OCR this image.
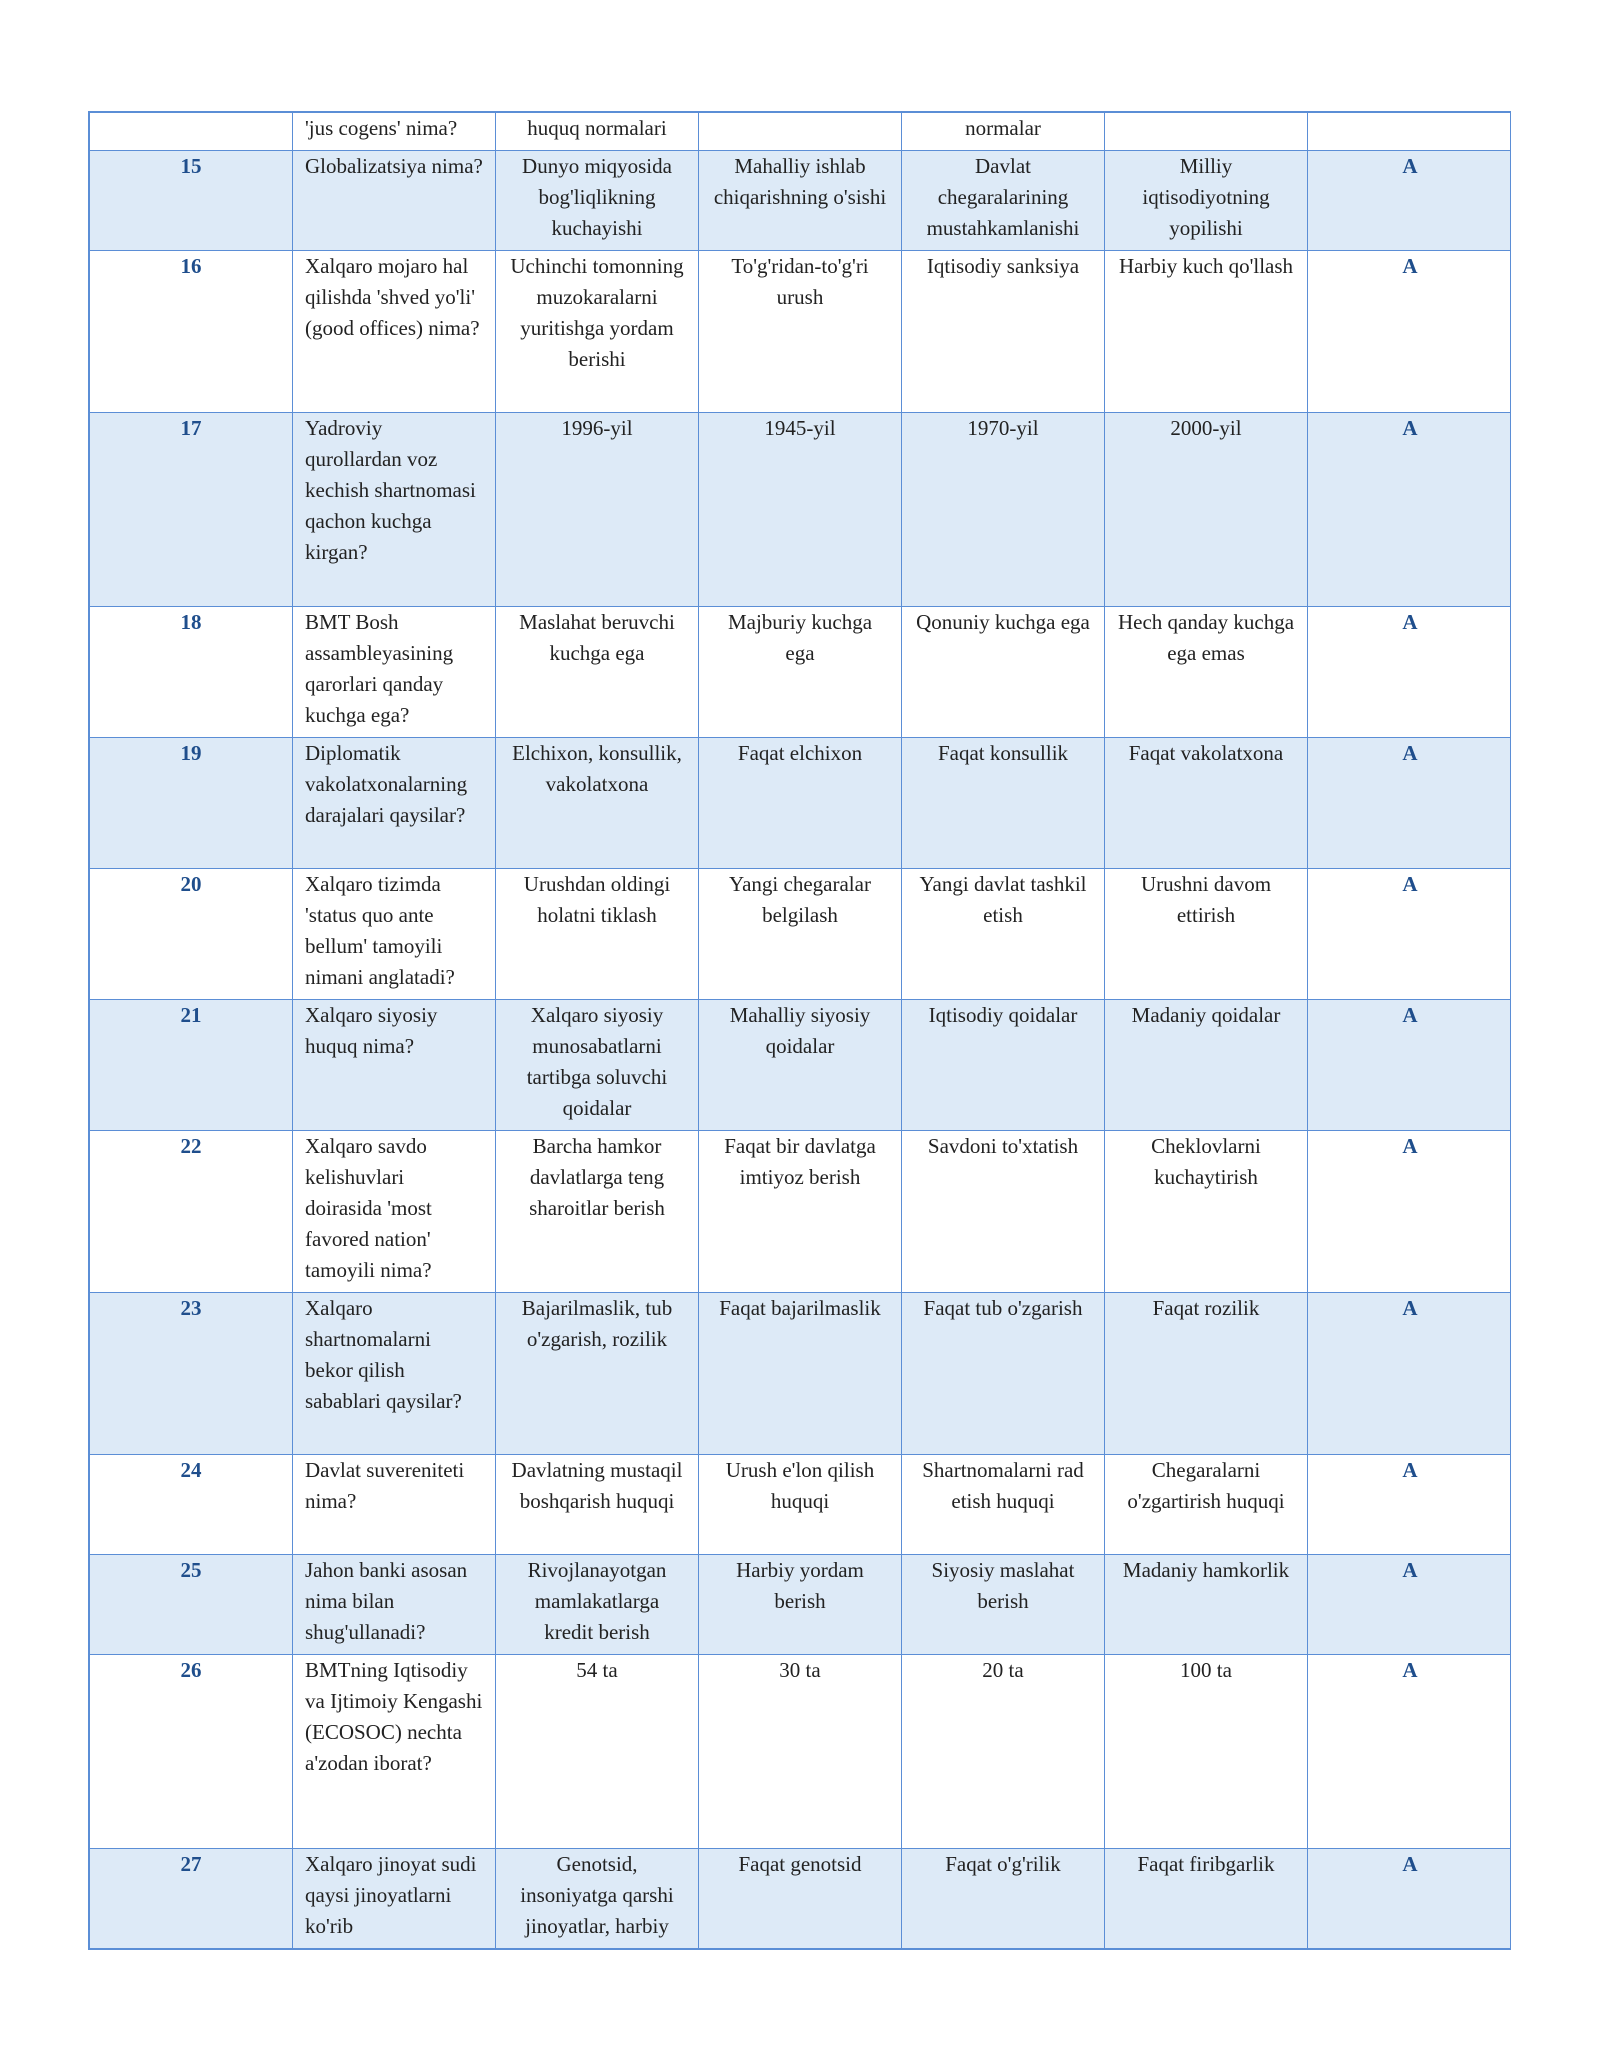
	'jus cogens' nima?	huquq normalari		normalar		
15	Globalizatsiya nima?	Dunyo miqyosida bog'liqlikning kuchayishi	Mahalliy ishlab chiqarishning o'sishi	Davlat chegaralarining mustahkamlanishi	Milliy iqtisodiyotning yopilishi	A
16	Xalqaro mojaro hal qilishda 'shved yo'li' (good offices) nima?	Uchinchi tomonning muzokaralarni yuritishga yordam berishi	To'g'ridan-to'g'ri urush	Iqtisodiy sanksiya	Harbiy kuch qo'llash	A
17	Yadroviy qurollardan voz kechish shartnomasi qachon kuchga kirgan?	1996-yil	1945-yil	1970-yil	2000-yil	A
18	BMT Bosh assambleyasining qarorlari qanday kuchga ega?	Maslahat beruvchi kuchga ega	Majburiy kuchga ega	Qonuniy kuchga ega	Hech qanday kuchga ega emas	A
19	Diplomatik vakolatxonalarning darajalari qaysilar?	Elchixon, konsullik, vakolatxona	Faqat elchixon	Faqat konsullik	Faqat vakolatxona	A
20	Xalqaro tizimda 'status quo ante bellum' tamoyili nimani anglatadi?	Urushdan oldingi holatni tiklash	Yangi chegaralar belgilash	Yangi davlat tashkil etish	Urushni davom ettirish	A
21	Xalqaro siyosiy huquq nima?	Xalqaro siyosiy munosabatlarni tartibga soluvchi qoidalar	Mahalliy siyosiy qoidalar	Iqtisodiy qoidalar	Madaniy qoidalar	A
22	Xalqaro savdo kelishuvlari doirasida 'most favored nation' tamoyili nima?	Barcha hamkor davlatlarga teng sharoitlar berish	Faqat bir davlatga imtiyoz berish	Savdoni to'xtatish	Cheklovlarni kuchaytirish	A
23	Xalqaro shartnomalarni bekor qilish sabablari qaysilar?	Bajarilmaslik, tub o'zgarish, rozilik	Faqat bajarilmaslik	Faqat tub o'zgarish	Faqat rozilik	A
24	Davlat suvereniteti nima?	Davlatning mustaqil boshqarish huquqi	Urush e'lon qilish huquqi	Shartnomalarni rad etish huquqi	Chegaralarni o'zgartirish huquqi	A
25	Jahon banki asosan nima bilan shug'ullanadi?	Rivojlanayotgan mamlakatlarga kredit berish	Harbiy yordam berish	Siyosiy maslahat berish	Madaniy hamkorlik	A
26	BMTning Iqtisodiy va Ijtimoiy Kengashi (ECOSOC) nechta a'zodan iborat?	54 ta	30 ta	20 ta	100 ta	A
27	Xalqaro jinoyat sudi qaysi jinoyatlarni ko'rib	Genotsid, insoniyatga qarshi jinoyatlar, harbiy	Faqat genotsid	Faqat o'g'rilik	Faqat firibgarlik	A
